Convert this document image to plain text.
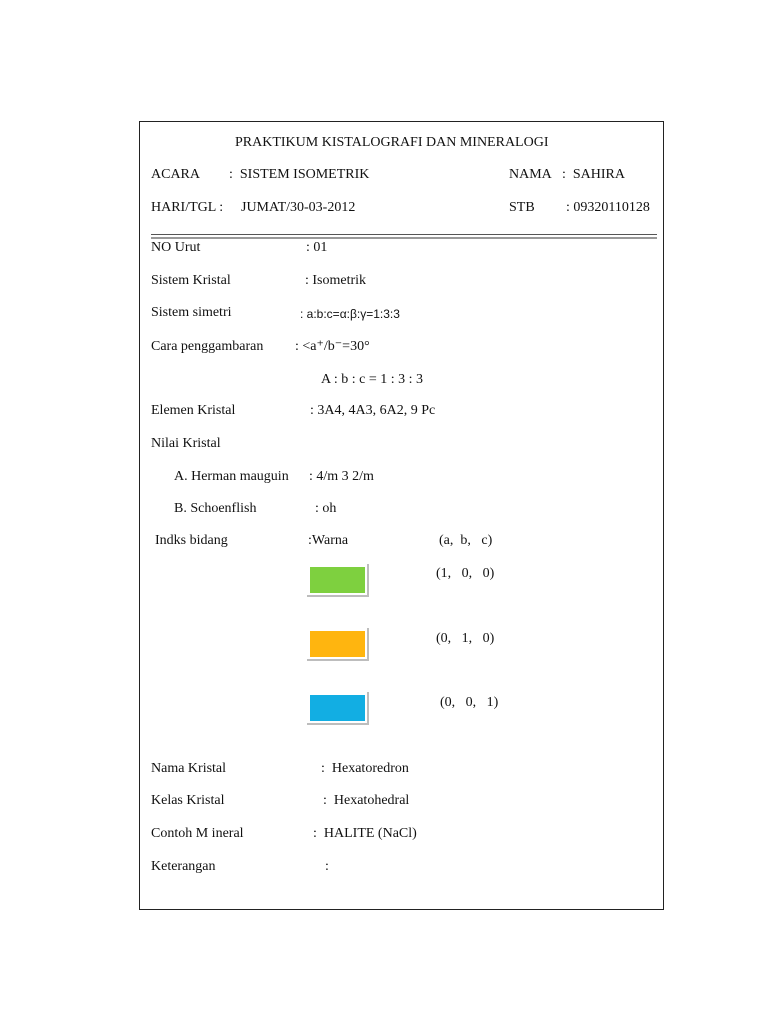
PRAKTIKUM KISTALOGRAFI DAN MINERALOGI
ACARA :  SISTEM ISOMETRIK	NAMA :  SAHIRA
HARI/TGL : JUMAT/30-03-2012	STB : 09320110128
NO Urut	: 01
Sistem Kristal	: Isometrik
Sistem simetri	: a:b:c=α:β:γ=1:3:3
Cara penggambaran : <a⁺/b⁻=30°
A : b : c = 1 : 3 : 3
Elemen Kristal	: 3A4, 4A3, 6A2, 9 Pc
Nilai Kristal
A. Herman mauguin : 4/m 3 2/m
B. Schoenflish	: oh
Indks bidang	:Warna	(a,  b,   c)
(1,   0,   0)
(0,   1,   0)
(0,   0,   1)
Nama Kristal	:  Hexatoredron
Kelas Kristal	:  Hexatohedral
Contoh M ineral	:  HALITE (NaCl)
Keterangan	:
